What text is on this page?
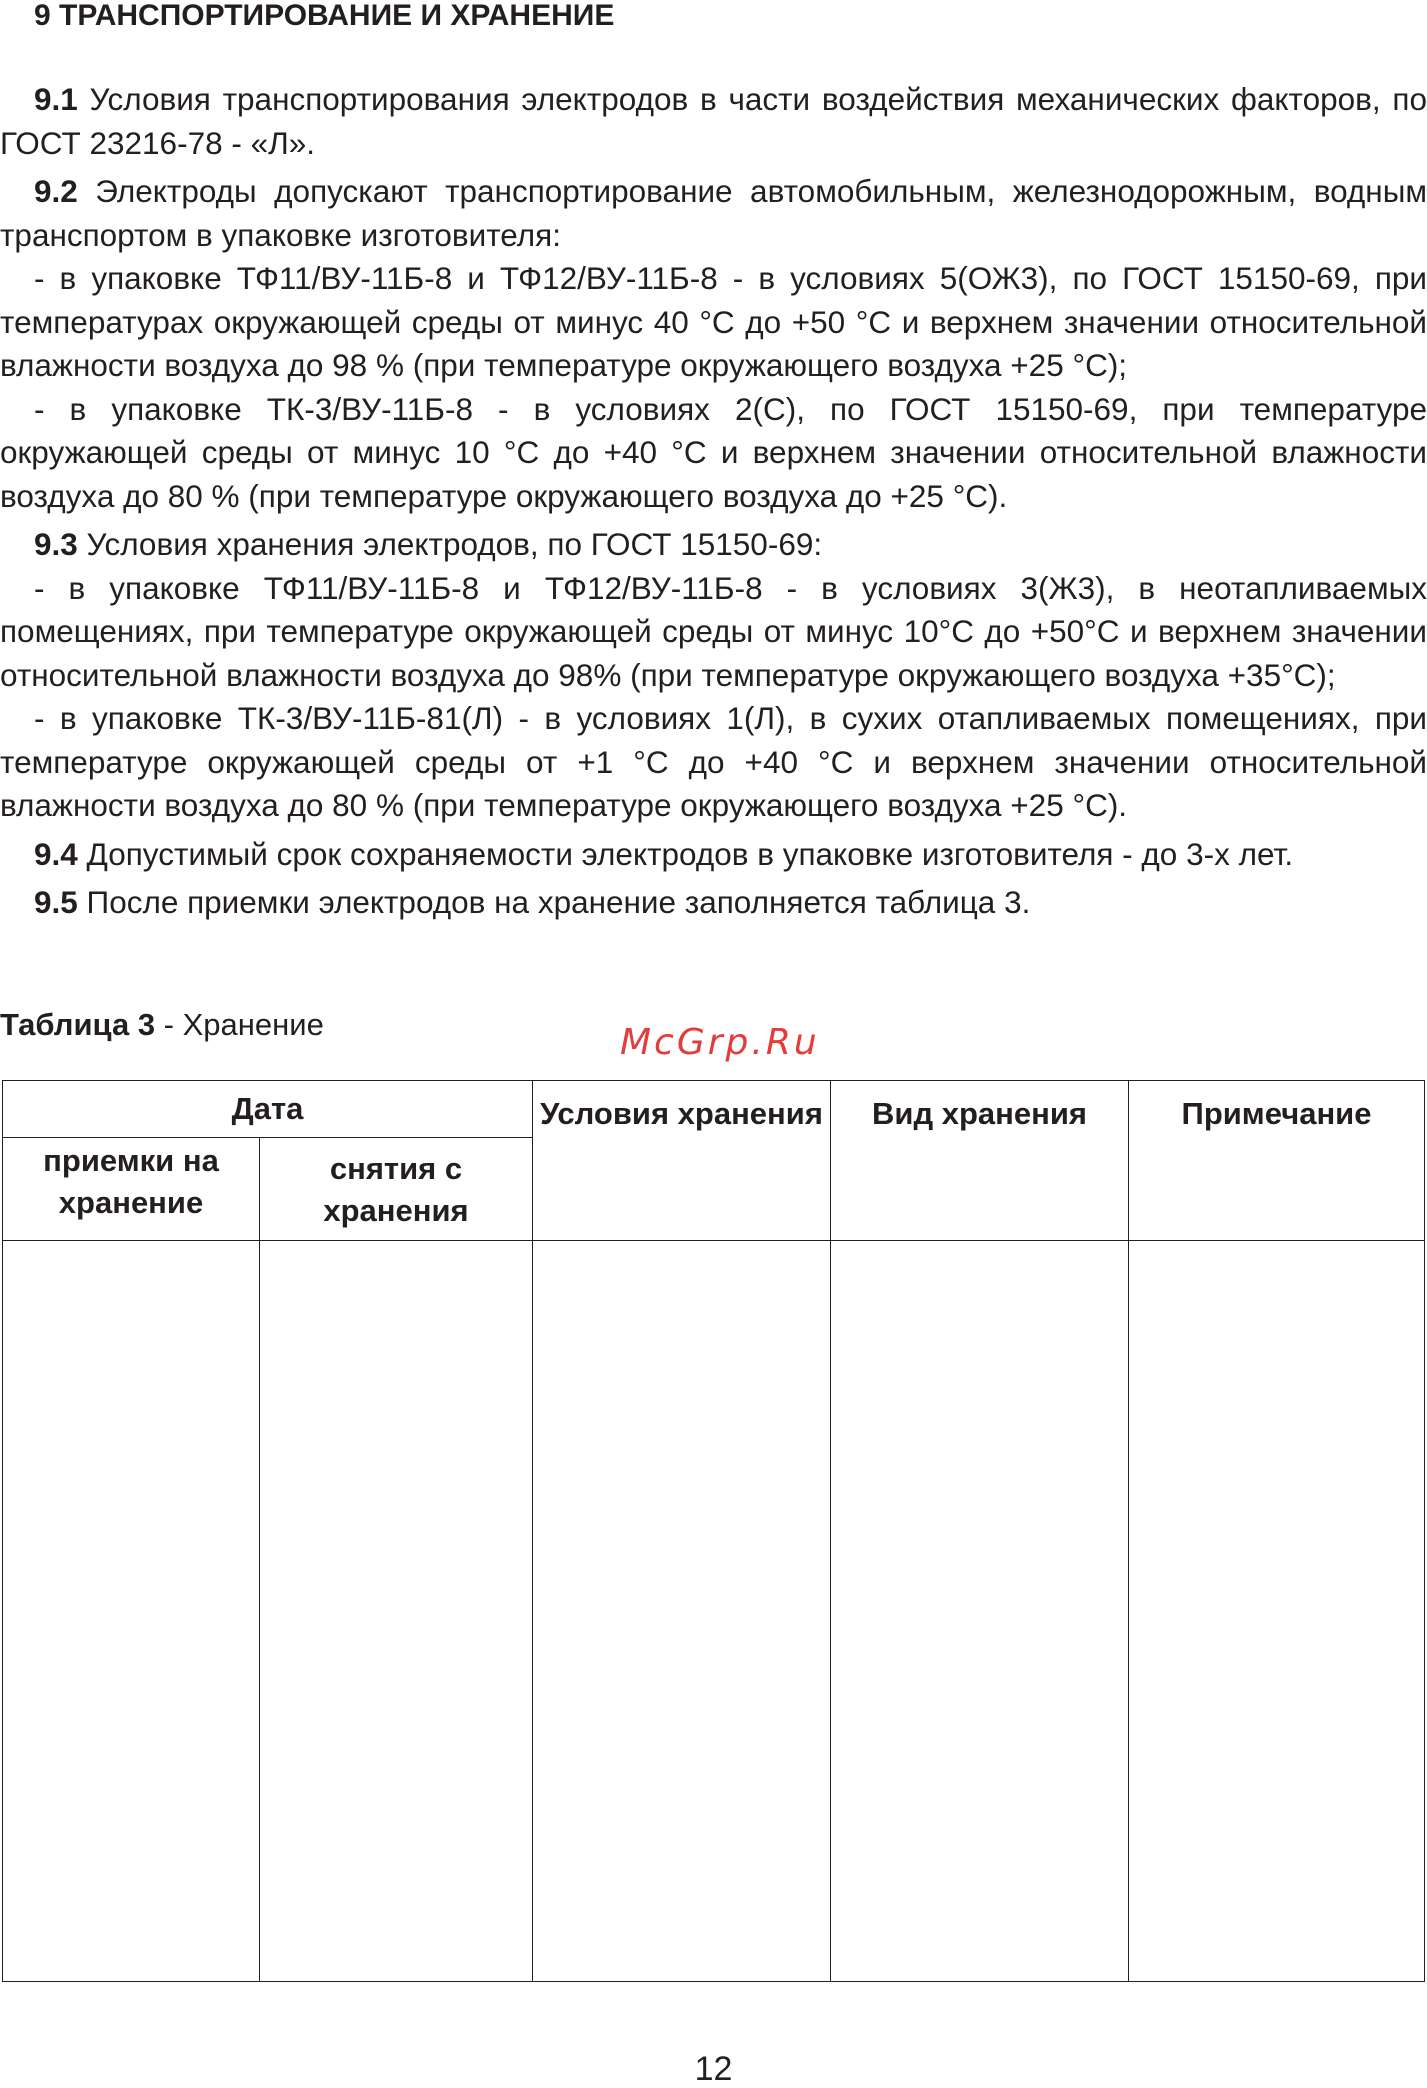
9 ТРАНСПОРТИРОВАНИЕ И ХРАНЕНИЕ

9.1 Условия транспортирования электродов в части воздействия механических факторов, по ГОСТ 23216-78 - «Л».

9.2 Электроды допускают транспортирование автомобильным, железнодорожным, водным транспортом в упаковке изготовителя:

- в упаковке ТФ11/ВУ-11Б-8 и ТФ12/ВУ-11Б-8 - в условиях 5(ОЖ3), по ГОСТ 15150-69, при температурах окружающей среды от минус 40 °С до +50 °С и верхнем значении относительной влажности воздуха до 98 % (при температуре окружающего воздуха +25 °С);

- в упаковке ТК-3/ВУ-11Б-8 - в условиях 2(С), по ГОСТ 15150-69, при температуре окружающей среды от минус 10 °С до +40 °С и верхнем значении относительной влажности воздуха до 80 % (при температуре окружающего воздуха до +25 °С).

9.3 Условия хранения электродов, по ГОСТ 15150-69:

- в упаковке ТФ11/ВУ-11Б-8 и ТФ12/ВУ-11Б-8 - в условиях 3(Ж3), в неотапливаемых помещениях, при температуре окружающей среды от минус 10°С до +50°С и верхнем значении относительной влажности воздуха до 98% (при температуре окружающего воздуха +35°С);

- в упаковке ТК-3/ВУ-11Б-81(Л) - в условиях 1(Л), в сухих отапливаемых помещениях, при температуре окружающей среды от +1 °С до +40 °С и верхнем значении относительной влажности воздуха до 80 % (при температуре окружающего воздуха +25 °С).

9.4 Допустимый срок сохраняемости электродов в упаковке изготовителя - до 3-х лет.

9.5 После приемки электродов на хранение заполняется таблица 3.

Таблица 3 - Хранение	McGrp.Ru
Дата		Условия хранения	Вид хранения	Примечание

приемки на хранение	снятия с хранения			

12
